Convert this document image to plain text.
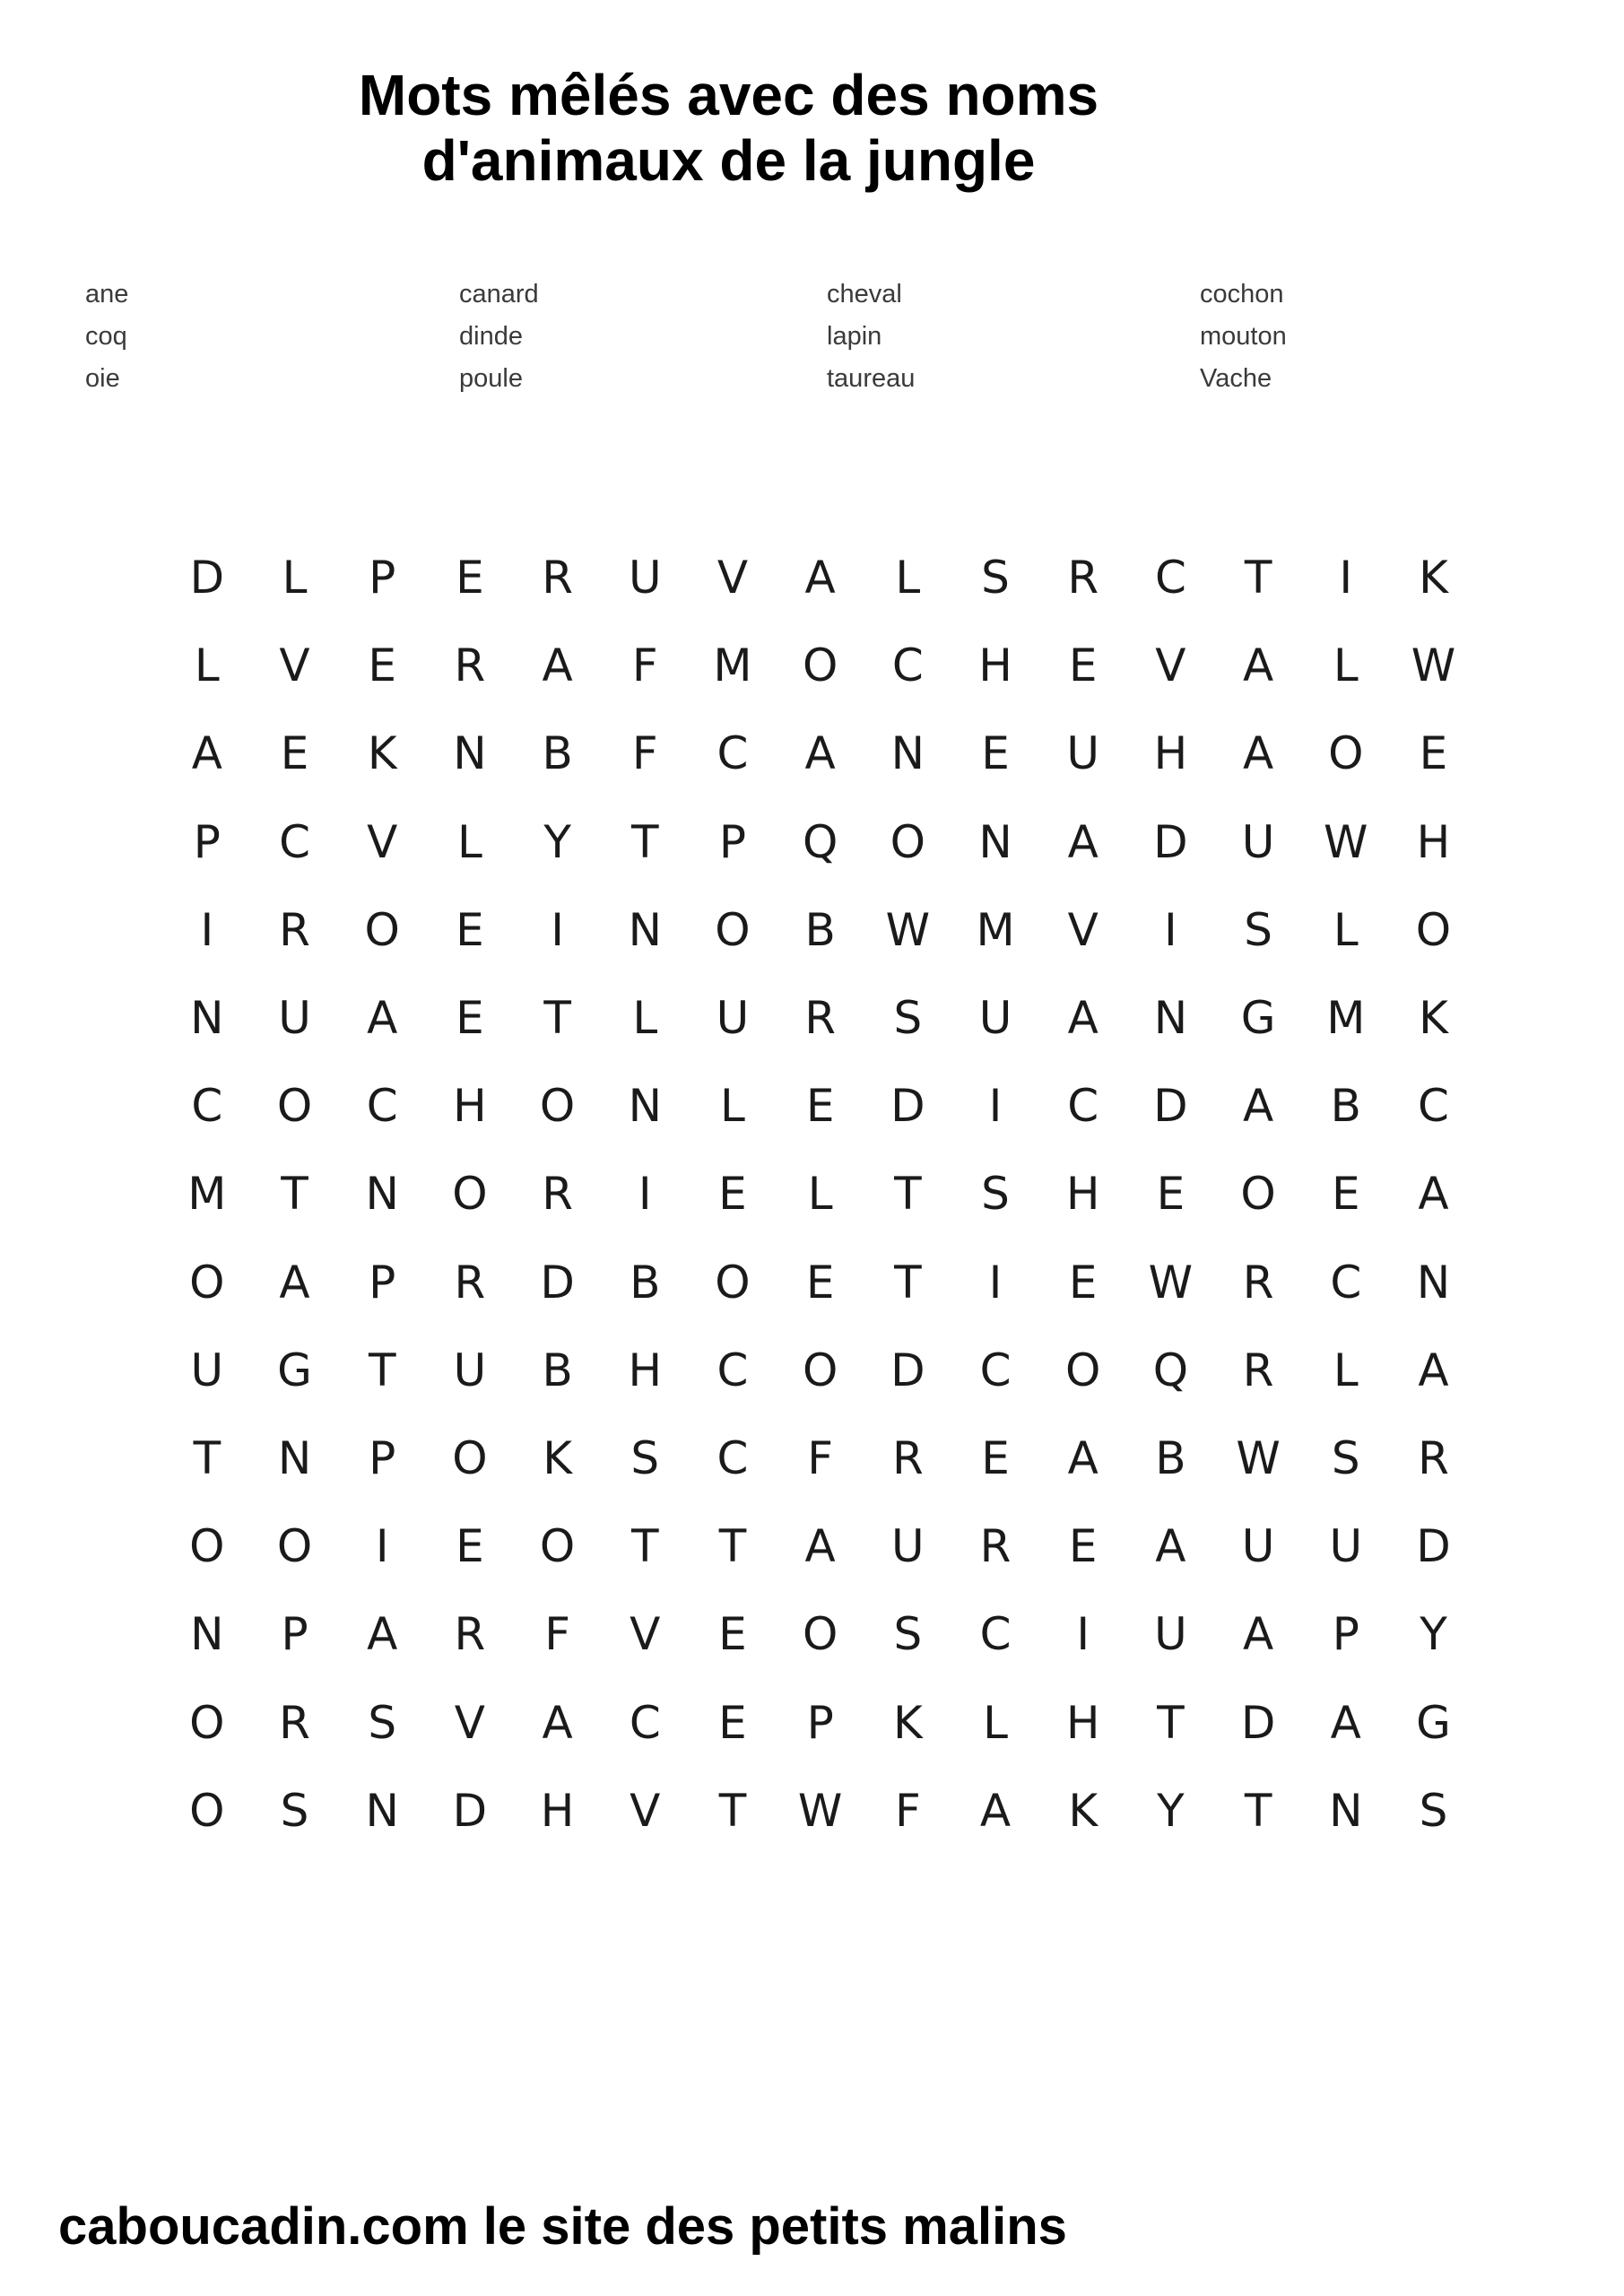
Mots mêlés avec des noms
d'animaux de la jungle
ane	canard	cheval	cochon
coq	dinde	lapin	mouton
oie	poule	taureau	Vache
D	L	P	E	R	U	V	A	L	S	R	C	T	I	K
L	V	E	R	A	F	M	O	C	H	E	V	A	L	W
A	E	K	N	B	F	C	A	N	E	U	H	A	O	E
P	C	V	L	Y	T	P	Q	O	N	A	D	U	W	H
I	R	O	E	I	N	O	B	W	M	V	I	S	L	O
N	U	A	E	T	L	U	R	S	U	A	N	G	M	K
C	O	C	H	O	N	L	E	D	I	C	D	A	B	C
M	T	N	O	R	I	E	L	T	S	H	E	O	E	A
O	A	P	R	D	B	O	E	T	I	E	W	R	C	N
U	G	T	U	B	H	C	O	D	C	O	Q	R	L	A
T	N	P	O	K	S	C	F	R	E	A	B	W	S	R
O	O	I	E	O	T	T	A	U	R	E	A	U	U	D
N	P	A	R	F	V	E	O	S	C	I	U	A	P	Y
O	R	S	V	A	C	E	P	K	L	H	T	D	A	G
O	S	N	D	H	V	T	W	F	A	K	Y	T	N	S
caboucadin.com le site des petits malins
